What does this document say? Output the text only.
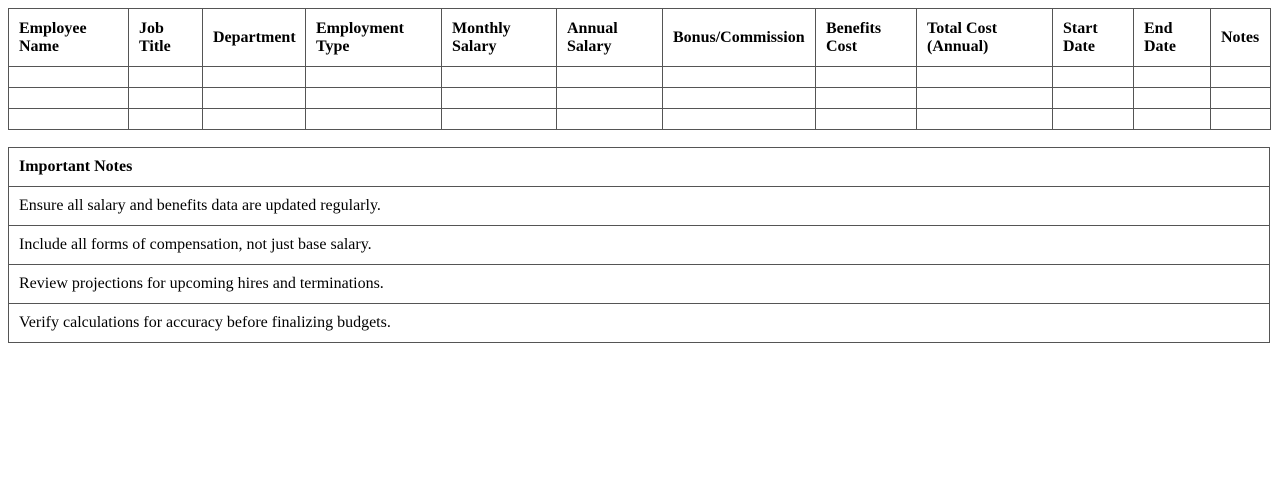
Employee Name	Job Title	Department	Employment Type	Monthly Salary	Annual Salary	Bonus/Commission	Benefits Cost	Total Cost (Annual)	Start Date	End Date	Notes

Important Notes
Ensure all salary and benefits data are updated regularly.
Include all forms of compensation, not just base salary.
Review projections for upcoming hires and terminations.
Verify calculations for accuracy before finalizing budgets.
